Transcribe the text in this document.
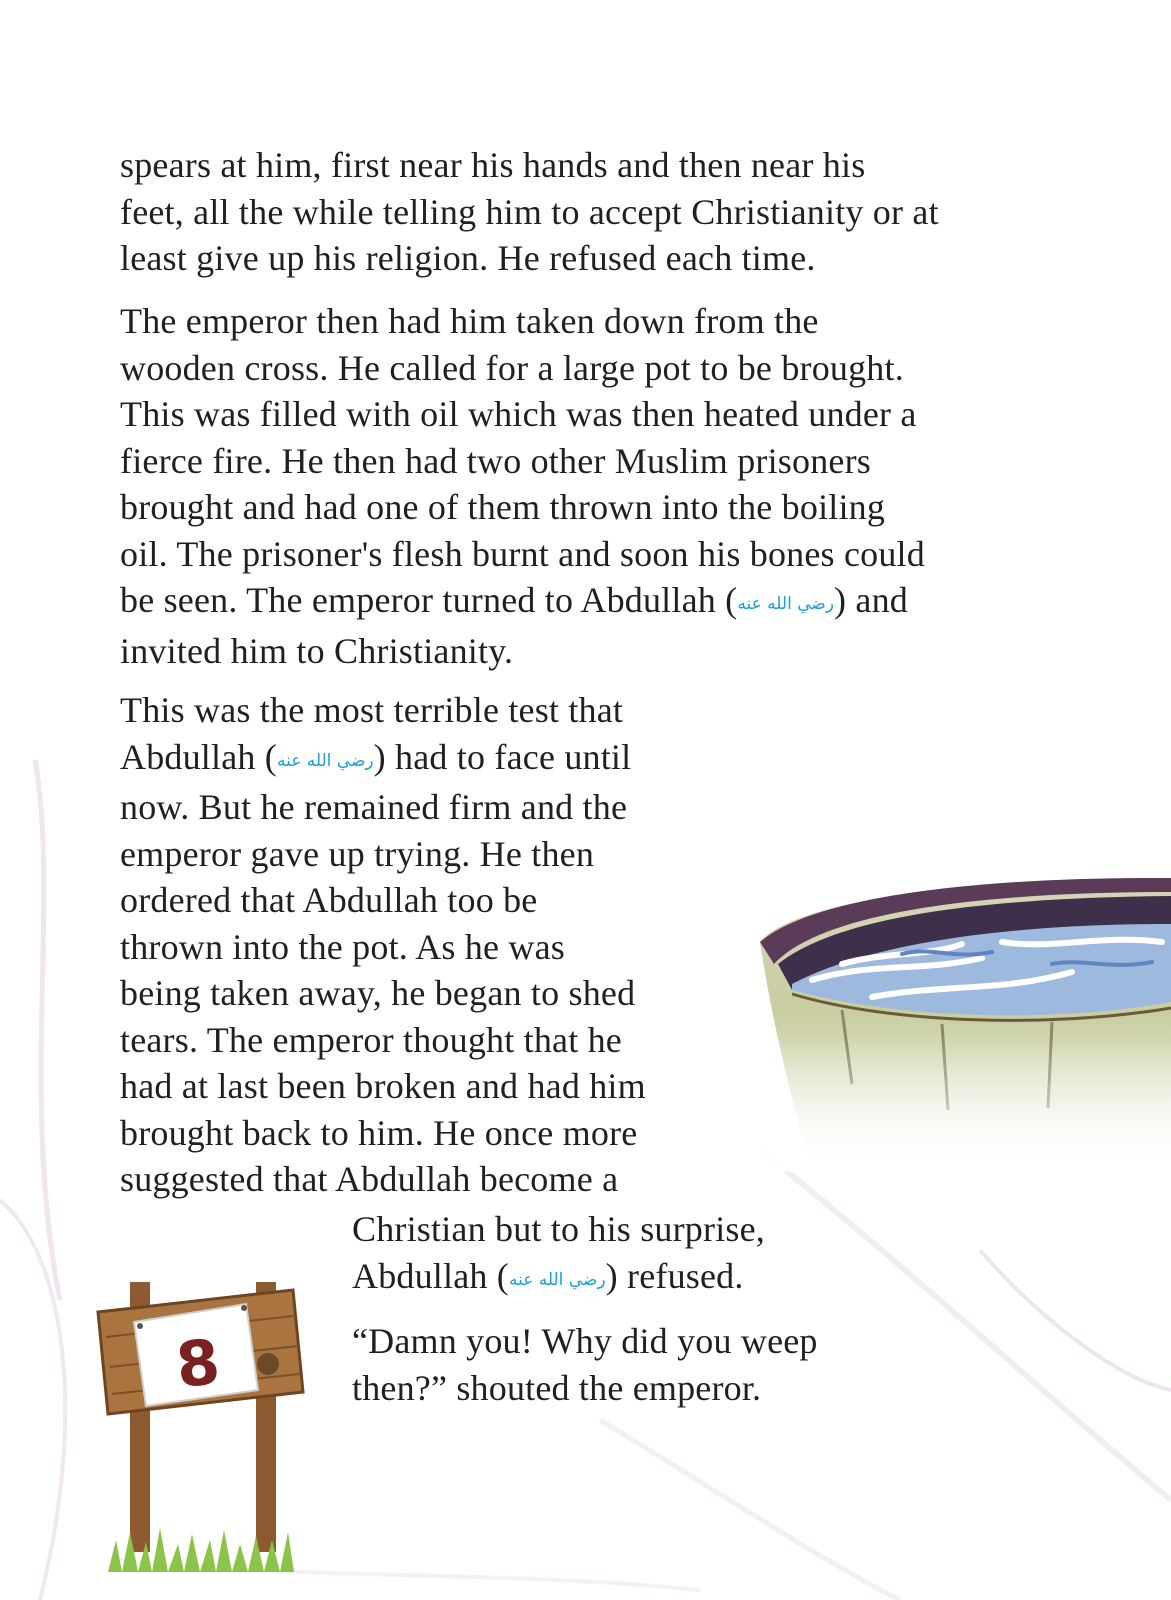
8
spears at him, first near his hands and then near his
feet, all the while telling him to accept Christianity or at
least give up his religion. He refused each time.
The emperor then had him taken down from the
wooden cross. He called for a large pot to be brought.
This was filled with oil which was then heated under a
fierce fire. He then had two other Muslim prisoners
brought and had one of them thrown into the boiling
oil. The prisoner's flesh burnt and soon his bones could
be seen. The emperor turned to Abdullah (رضي الله عنه) and
invited him to Christianity.
This was the most terrible test that
Abdullah (رضي الله عنه) had to face until
now. But he remained firm and the
emperor gave up trying. He then
ordered that Abdullah too be
thrown into the pot. As he was
being taken away, he began to shed
tears. The emperor thought that he
had at last been broken and had him
brought back to him. He once more
suggested that Abdullah become a
Christian but to his surprise,
Abdullah (رضي الله عنه) refused.
“Damn you! Why did you weep
then?” shouted the emperor.
